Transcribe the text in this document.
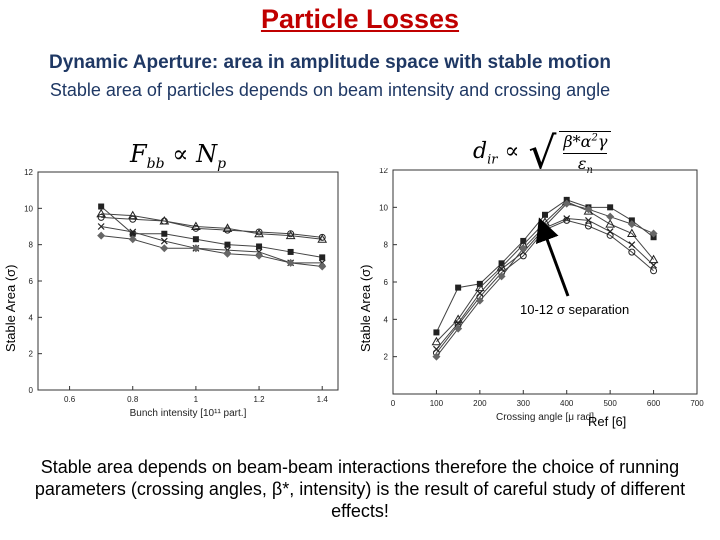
Particle Losses
Dynamic Aperture: area in amplitude space with stable motion
Stable area of particles depends on beam intensity and crossing angle
$F_{bb} \propto N_p$
Stable Area (σ)
0.6	0.8	1	1.2	1.4
0
2
4
6
8
10
12
Bunch intensity [10¹¹ part.]
$d_{ir}$ ∝ √ $\frac{\beta*\alpha^2\gamma}{\varepsilon_n}$
Stable Area (σ)
0	100	200	300	400	500	600	700
2
4
6
8
10
12
Crossing angle [μ rad]
10-12 σ separation
Ref [6]
Stable area depends on beam-beam interactions therefore the choice of running parameters (crossing angles, β*, intensity) is the result of careful study of different effects!
